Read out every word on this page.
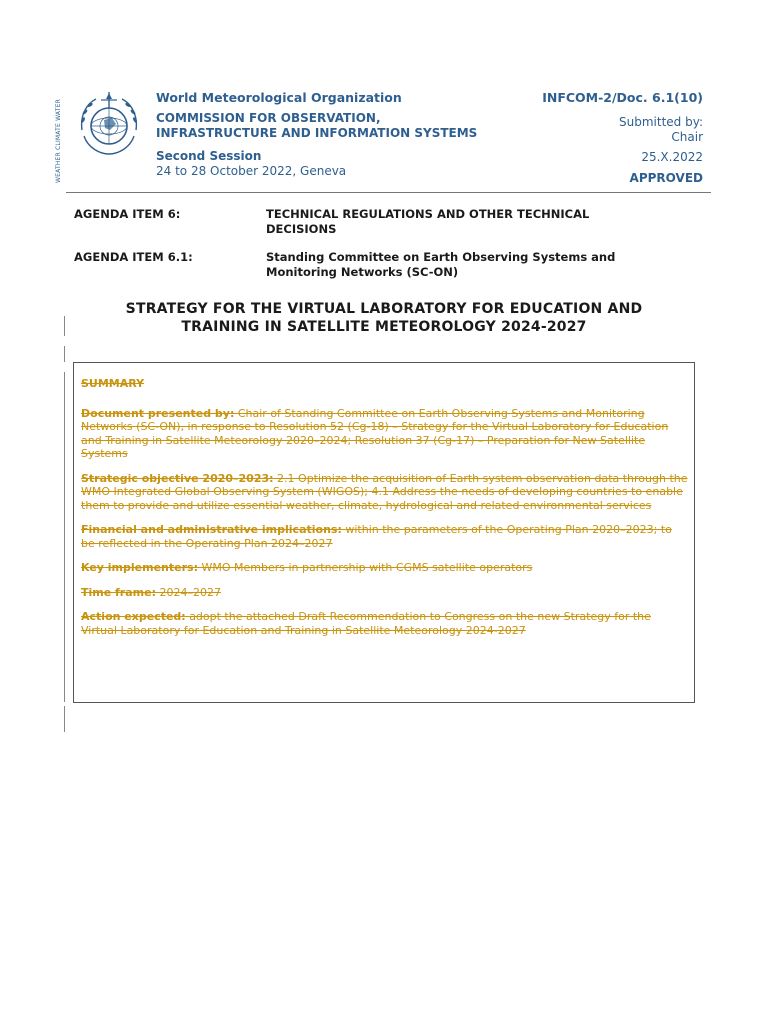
WEATHER CLIMATE WATER
World Meteorological Organization
COMMISSION FOR OBSERVATION,
INFRASTRUCTURE AND INFORMATION SYSTEMS
Second Session
24 to 28 October 2022, Geneva
INFCOM-2/Doc. 6.1(10)
Submitted by:
Chair
25.X.2022
APPROVED
AGENDA ITEM 6:	TECHNICAL REGULATIONS AND OTHER TECHNICAL
DECISIONS
AGENDA ITEM 6.1:	Standing Committee on Earth Observing Systems and
Monitoring Networks (SC-ON)
STRATEGY FOR THE VIRTUAL LABORATORY FOR EDUCATION AND
TRAINING IN SATELLITE METEOROLOGY 2024-2027

SUMMARY

Document presented by: Chair of Standing Committee on Earth Observing Systems and Monitoring Networks (SC-ON), in response to Resolution 52 (Cg-18) – Strategy for the Virtual Laboratory for Education and Training in Satellite Meteorology 2020–2024; Resolution 37 (Cg-17) – Preparation for New Satellite Systems

Strategic objective 2020–2023: 2.1 Optimize the acquisition of Earth system observation data through the WMO Integrated Global Observing System (WIGOS); 4.1 Address the needs of developing countries to enable them to provide and utilize essential weather, climate, hydrological and related environmental services

Financial and administrative implications: within the parameters of the Operating Plan 2020–2023; to be reflected in the Operating Plan 2024–2027

Key implementers: WMO Members in partnership with CGMS satellite operators

Time frame: 2024–2027

Action expected: adopt the attached Draft Recommendation to Congress on the new Strategy for the Virtual Laboratory for Education and Training in Satellite Meteorology 2024-2027
